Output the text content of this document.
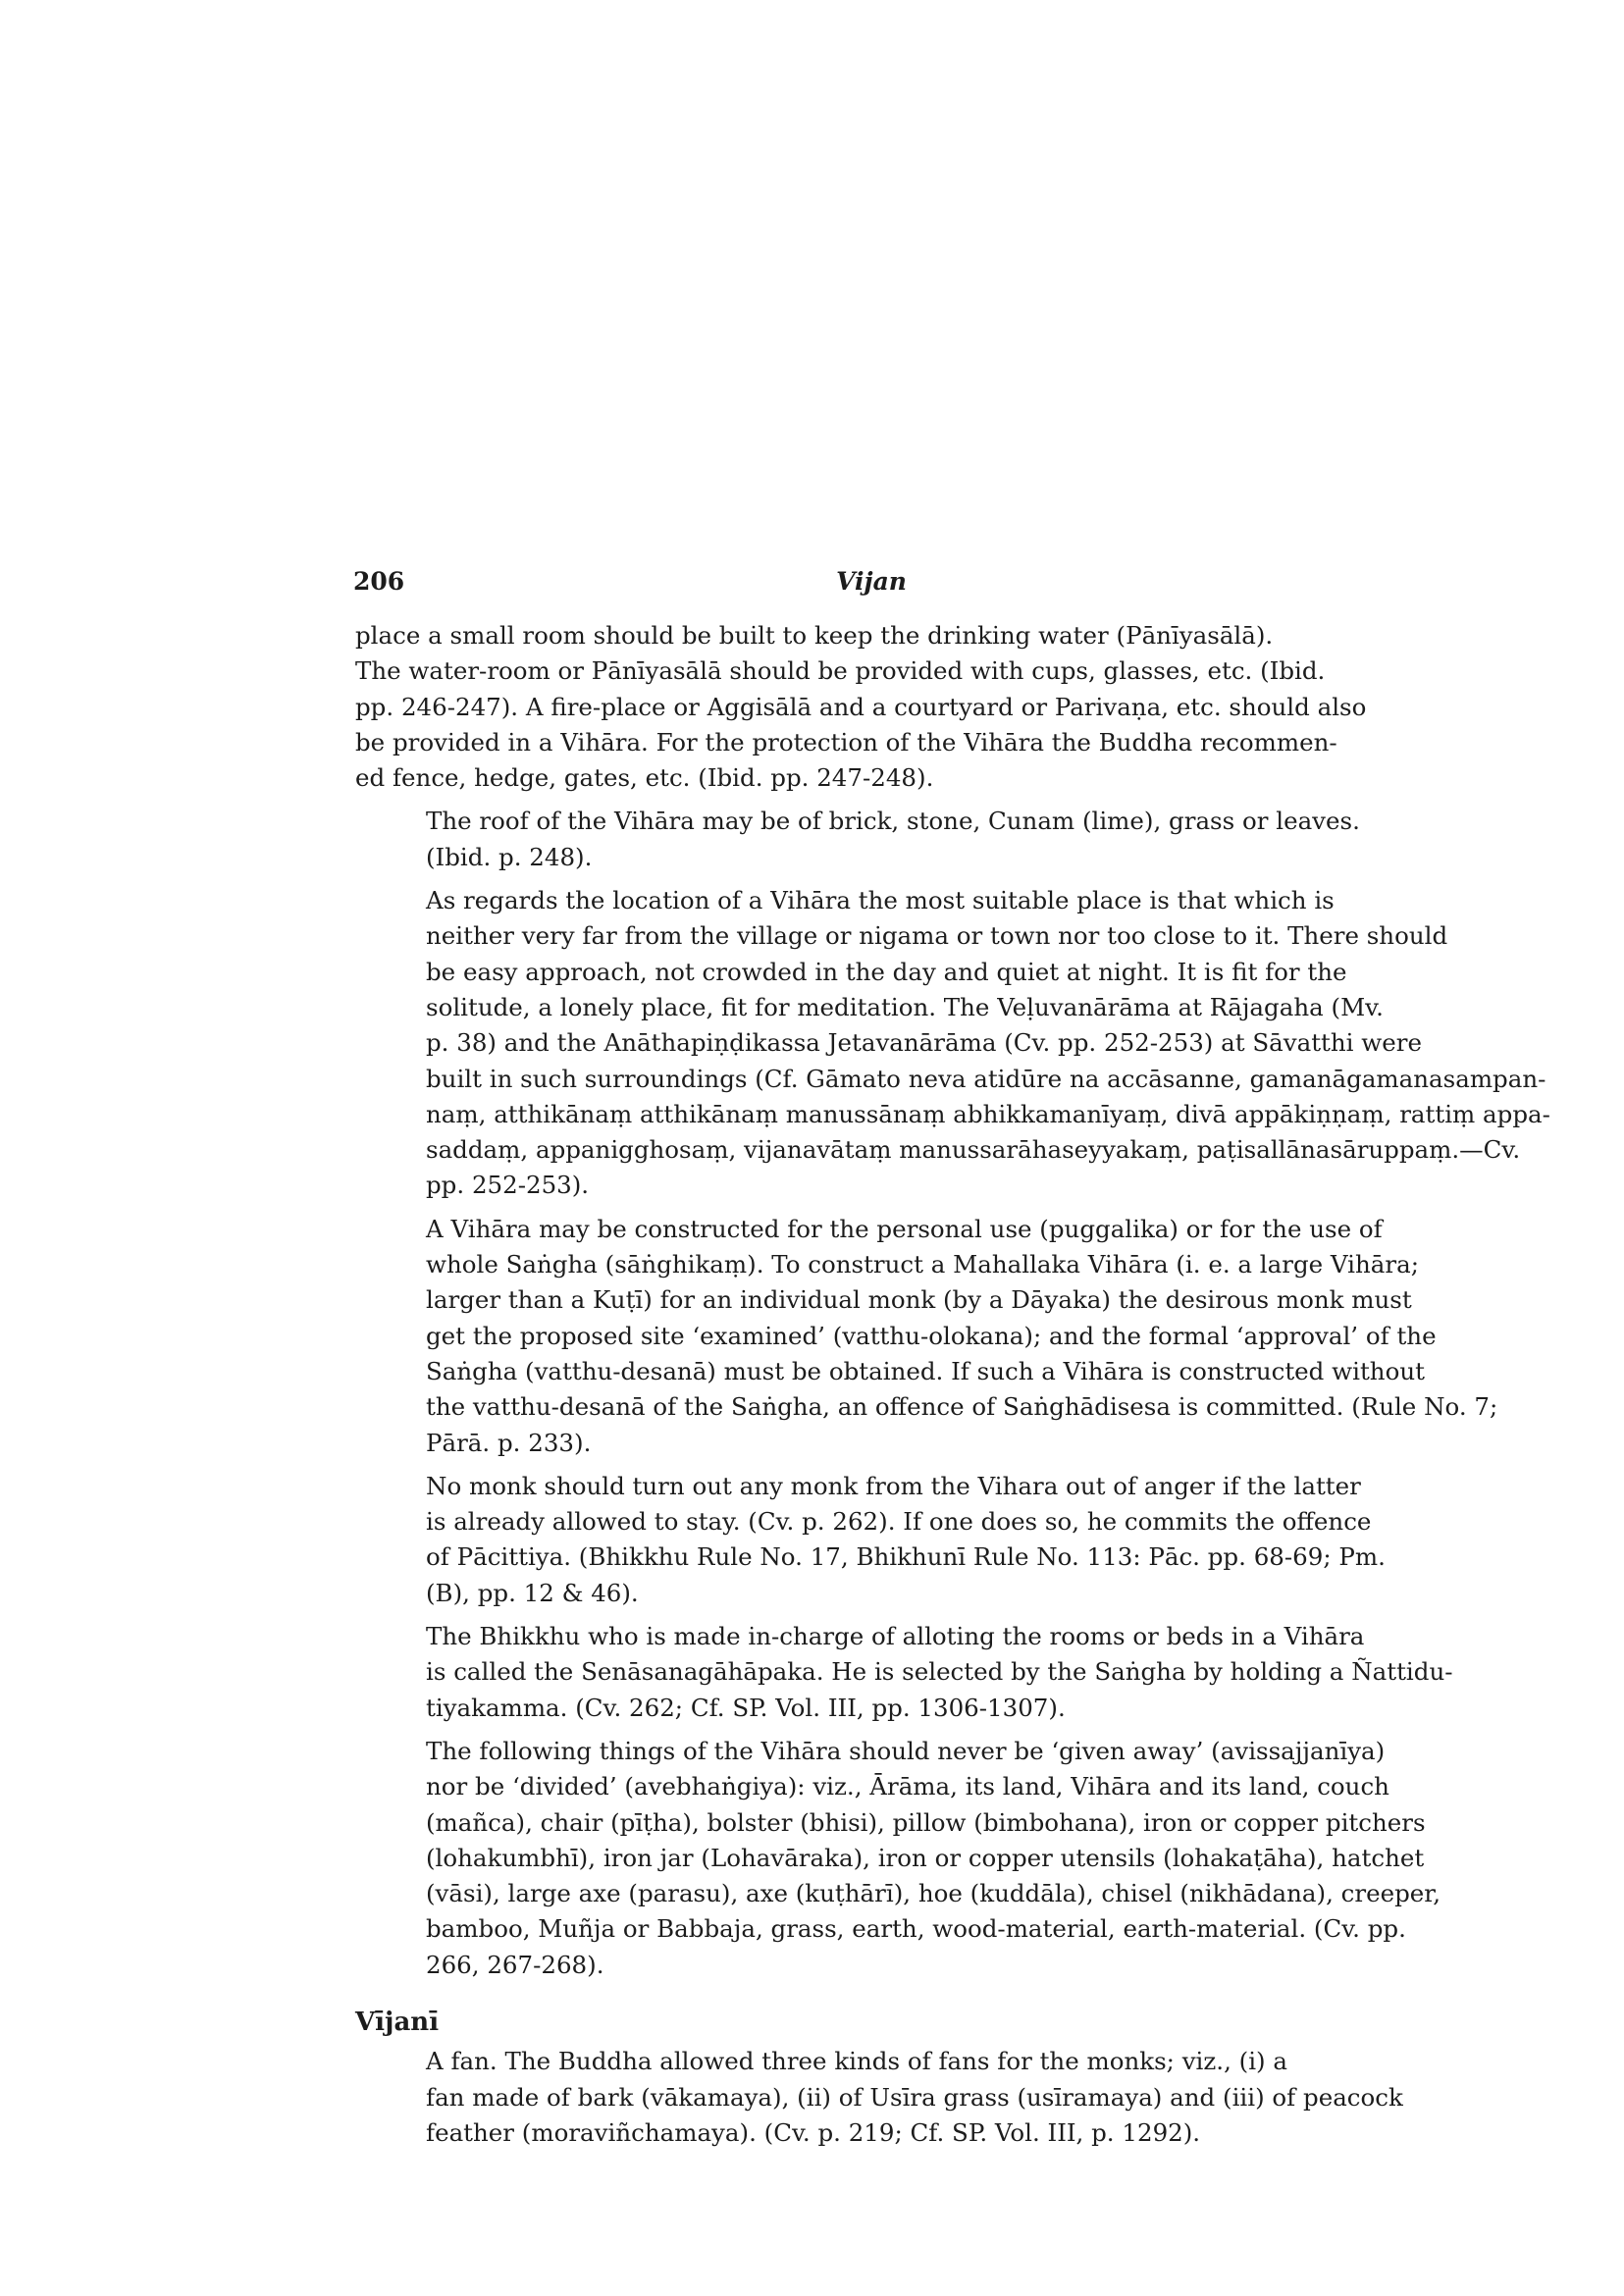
206	Vijan
place a small room should be built to keep the drinking water (Pānīyasālā).
The water-room or Pānīyasālā should be provided with cups, glasses, etc. (Ibid.
pp. 246-247). A fire-place or Aggisālā and a courtyard or Parivaṇa, etc. should also
be provided in a Vihāra. For the protection of the Vihāra the Buddha recommen-
ed fence, hedge, gates, etc. (Ibid. pp. 247-248).
The roof of the Vihāra may be of brick, stone, Cunam (lime), grass or leaves.
(Ibid. p. 248).
As regards the location of a Vihāra the most suitable place is that which is
neither very far from the village or nigama or town nor too close to it. There should
be easy approach, not crowded in the day and quiet at night. It is fit for the
solitude, a lonely place, fit for meditation. The Veḷuvanārāma at Rājagaha (Mv.
p. 38) and the Anāthapiṇḍikassa Jetavanārāma (Cv. pp. 252-253) at Sāvatthi were
built in such surroundings (Cf. Gāmato neva atidūre na accāsanne, gamanāgamanasampan-
naṃ, atthikānaṃ atthikānaṃ manussānaṃ abhikkamanīyaṃ, divā appākiṇṇaṃ, rattiṃ appa-
saddaṃ, appanigghosaṃ, vijanavātaṃ manussarāhaseyyakaṃ, paṭisallānasāruppaṃ.—Cv.
pp. 252-253).
A Vihāra may be constructed for the personal use (puggalika) or for the use of
whole Saṅgha (sāṅghikaṃ). To construct a Mahallaka Vihāra (i. e. a large Vihāra;
larger than a Kuṭī) for an individual monk (by a Dāyaka) the desirous monk must
get the proposed site ‘examined’ (vatthu-olokana); and the formal ‘approval’ of the
Saṅgha (vatthu-desanā) must be obtained. If such a Vihāra is constructed without
the vatthu-desanā of the Saṅgha, an offence of Saṅghādisesa is committed. (Rule No. 7;
Pārā. p. 233).
No monk should turn out any monk from the Vihara out of anger if the latter
is already allowed to stay. (Cv. p. 262). If one does so, he commits the offence
of Pācittiya. (Bhikkhu Rule No. 17, Bhikhunī Rule No. 113: Pāc. pp. 68-69; Pm.
(B), pp. 12 & 46).
The Bhikkhu who is made in-charge of alloting the rooms or beds in a Vihāra
is called the Senāsanagāhāpaka. He is selected by the Saṅgha by holding a Ñattidu-
tiyakamma. (Cv. 262; Cf. SP. Vol. III, pp. 1306-1307).
The following things of the Vihāra should never be ‘given away’ (avissajjanīya)
nor be ‘divided’ (avebhaṅgiya): viz., Ārāma, its land, Vihāra and its land, couch
(mañca), chair (pīṭha), bolster (bhisi), pillow (bimbohana), iron or copper pitchers
(lohakumbhī), iron jar (Lohavāraka), iron or copper utensils (lohakaṭāha), hatchet
(vāsi), large axe (parasu), axe (kuṭhārī), hoe (kuddāla), chisel (nikhādana), creeper,
bamboo, Muñja or Babbaja, grass, earth, wood-material, earth-material. (Cv. pp.
266, 267-268).
Vījanī
A fan. The Buddha allowed three kinds of fans for the monks; viz., (i) a
fan made of bark (vākamaya), (ii) of Usīra grass (usīramaya) and (iii) of peacock
feather (moraviñchamaya). (Cv. p. 219; Cf. SP. Vol. III, p. 1292).
